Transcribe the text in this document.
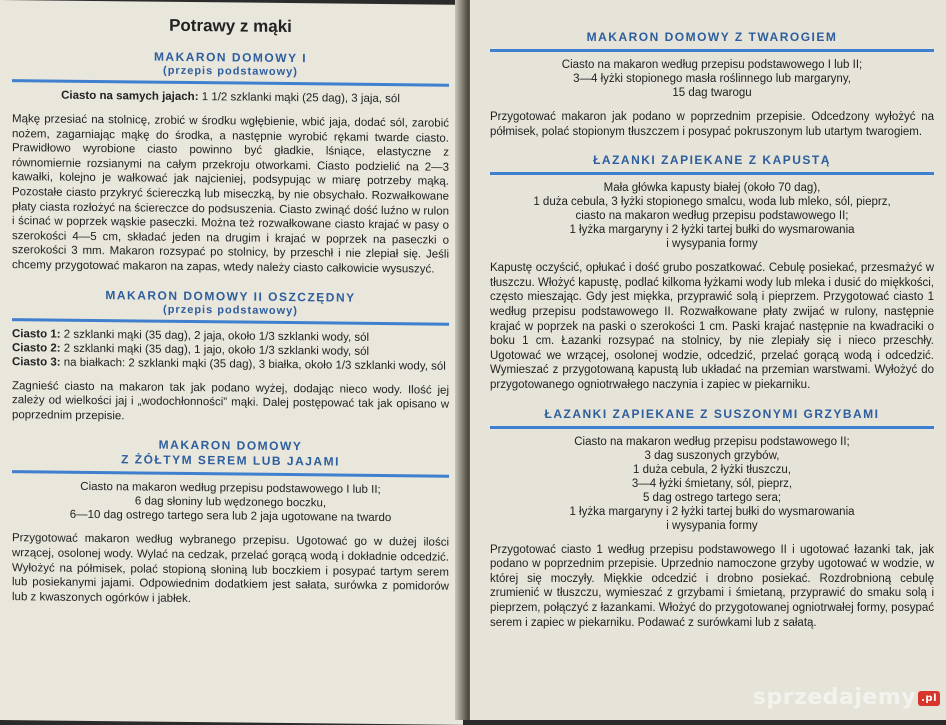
Potrawy z mąki
MAKARON DOMOWY I
(przepis podstawowy)
Ciasto na samych jajach: 1 1/2 szklanki mąki (25 dag), 3 jaja, sól

Mąkę przesiać na stolnicę, zrobić w środku wgłębienie, wbić jaja, dodać sól, zarobić nożem, zagarniając mąkę do środka, a następnie wyrobić rękami twarde ciasto. Prawidłowo wyrobione ciasto powinno być gładkie, lśniące, elastyczne z równomiernie rozsianymi na całym przekroju otworkami. Ciasto podzielić na 2—3 kawałki, kolejno je wałkować jak najcieniej, podsypując w miarę potrzeby mąką. Pozostałe ciasto przykryć ściereczką lub miseczką, by nie obsychało. Rozwałkowane płaty ciasta rozłożyć na ściereczce do podsuszenia. Ciasto zwinąć dość luźno w rulon i ścinać w poprzek wąskie paseczki. Można też rozwałkowane ciasto krajać w pasy o szerokości 4—5 cm, składać jeden na drugim i krajać w poprzek na paseczki o szerokości 3 mm. Makaron rozsypać po stolnicy, by przeschł i nie zlepiał się. Jeśli chcemy przygotować makaron na zapas, wtedy należy ciasto całkowicie wysuszyć.

MAKARON DOMOWY II OSZCZĘDNY
(przepis podstawowy)
Ciasto 1: 2 szklanki mąki (35 dag), 2 jaja, około 1/3 szklanki wody, sól
Ciasto 2: 2 szklanki mąki (35 dag), 1 jajo, około 1/3 szklanki wody, sól
Ciasto 3: na białkach: 2 szklanki mąki (35 dag), 3 białka, około 1/3 szklanki wody, sól

Zagnieść ciasto na makaron tak jak podano wyżej, dodając nieco wody. Ilość jej zależy od wielkości jaj i „wodochłonności” mąki. Dalej postępować tak jak opisano w poprzednim przepisie.

MAKARON DOMOWY
Z ŻÓŁTYM SEREM LUB JAJAMI
Ciasto na makaron według przepisu podstawowego I lub II;
6 dag słoniny lub wędzonego boczku,
6—10 dag ostrego tartego sera lub 2 jaja ugotowane na twardo

Przygotować makaron według wybranego przepisu. Ugotować go w dużej ilości wrzącej, osolonej wody. Wylać na cedzak, przelać gorącą wodą i dokładnie odcedzić. Wyłożyć na półmisek, polać stopioną słoniną lub boczkiem i posypać tartym serem lub posiekanymi jajami. Odpowiednim dodatkiem jest sałata, surówka z pomidorów lub z kwaszonych ogórków i jabłek.

MAKARON DOMOWY Z TWAROGIEM
Ciasto na makaron według przepisu podstawowego I lub II;
3—4 łyżki stopionego masła roślinnego lub margaryny,
15 dag twarogu

Przygotować makaron jak podano w poprzednim przepisie. Odcedzony wyłożyć na półmisek, polać stopionym tłuszczem i posypać pokruszonym lub utartym twarogiem.

ŁAZANKI ZAPIEKANE Z KAPUSTĄ
Mała główka kapusty białej (około 70 dag),
1 duża cebula, 3 łyżki stopionego smalcu, woda lub mleko, sól, pieprz,
ciasto na makaron według przepisu podstawowego II;
1 łyżka margaryny i 2 łyżki tartej bułki do wysmarowania
i wysypania formy

Kapustę oczyścić, opłukać i dość grubo poszatkować. Cebulę posiekać, przesmażyć w tłuszczu. Włożyć kapustę, podlać kilkoma łyżkami wody lub mleka i dusić do miękkości, często mieszając. Gdy jest miękka, przyprawić solą i pieprzem. Przygotować ciasto 1 według przepisu podstawowego II. Rozwałkowane płaty zwijać w rulony, następnie krajać w poprzek na paski o szerokości 1 cm. Paski krajać następnie na kwadraciki o boku 1 cm. Łazanki rozsypać na stolnicy, by nie zlepiały się i nieco przeschły. Ugotować we wrzącej, osolonej wodzie, odcedzić, przelać gorącą wodą i odcedzić. Wymieszać z przygotowaną kapustą lub układać na przemian warstwami. Wyłożyć do przygotowanego ogniotrwałego naczynia i zapiec w piekarniku.

ŁAZANKI ZAPIEKANE Z SUSZONYMI GRZYBAMI
Ciasto na makaron według przepisu podstawowego II;
3 dag suszonych grzybów,
1 duża cebula, 2 łyżki tłuszczu,
3—4 łyżki śmietany, sól, pieprz,
5 dag ostrego tartego sera;
1 łyżka margaryny i 2 łyżki tartej bułki do wysmarowania
i wysypania formy

Przygotować ciasto 1 według przepisu podstawowego II i ugotować łazanki tak, jak podano w poprzednim przepisie. Uprzednio namoczone grzyby ugotować w wodzie, w której się moczyły. Miękkie odcedzić i drobno posiekać. Rozdrobnioną cebulę zrumienić w tłuszczu, wymieszać z grzybami i śmietaną, przyprawić do smaku solą i pieprzem, połączyć z łazankami. Włożyć do przygotowanej ogniotrwałej formy, posypać serem i zapiec w piekarniku. Podawać z surówkami lub z sałatą.

sprzedajemy .pl
